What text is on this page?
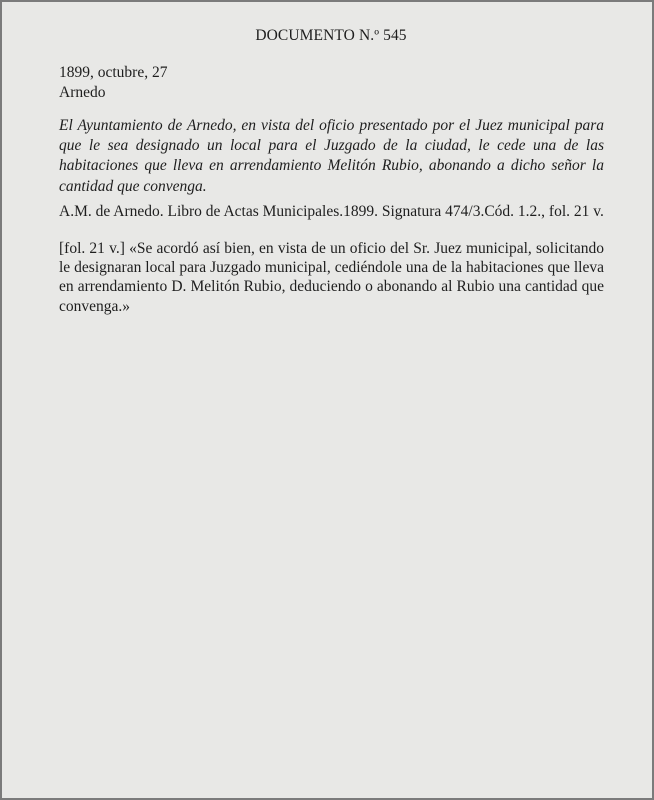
DOCUMENTO N.º 545
1899, octubre, 27
Arnedo
El Ayuntamiento de Arnedo, en vista del oficio presentado por el Juez municipal para que le sea designado un local para el Juzgado de la ciudad, le cede una de las habitaciones que lleva en arrendamiento Melitón Rubio, abonando a dicho señor la cantidad que convenga.
A.M. de Arnedo. Libro de Actas Municipales.1899. Signatura 474/3.Cód. 1.2., fol. 21 v.
[fol. 21 v.] «Se acordó así bien, en vista de un oficio del Sr. Juez municipal, solicitando le designaran local para Juzgado municipal, cediéndole una de la habitaciones que lleva en arrendamiento D. Melitón Rubio, deduciendo o abonando al Rubio una cantidad que convenga.»
